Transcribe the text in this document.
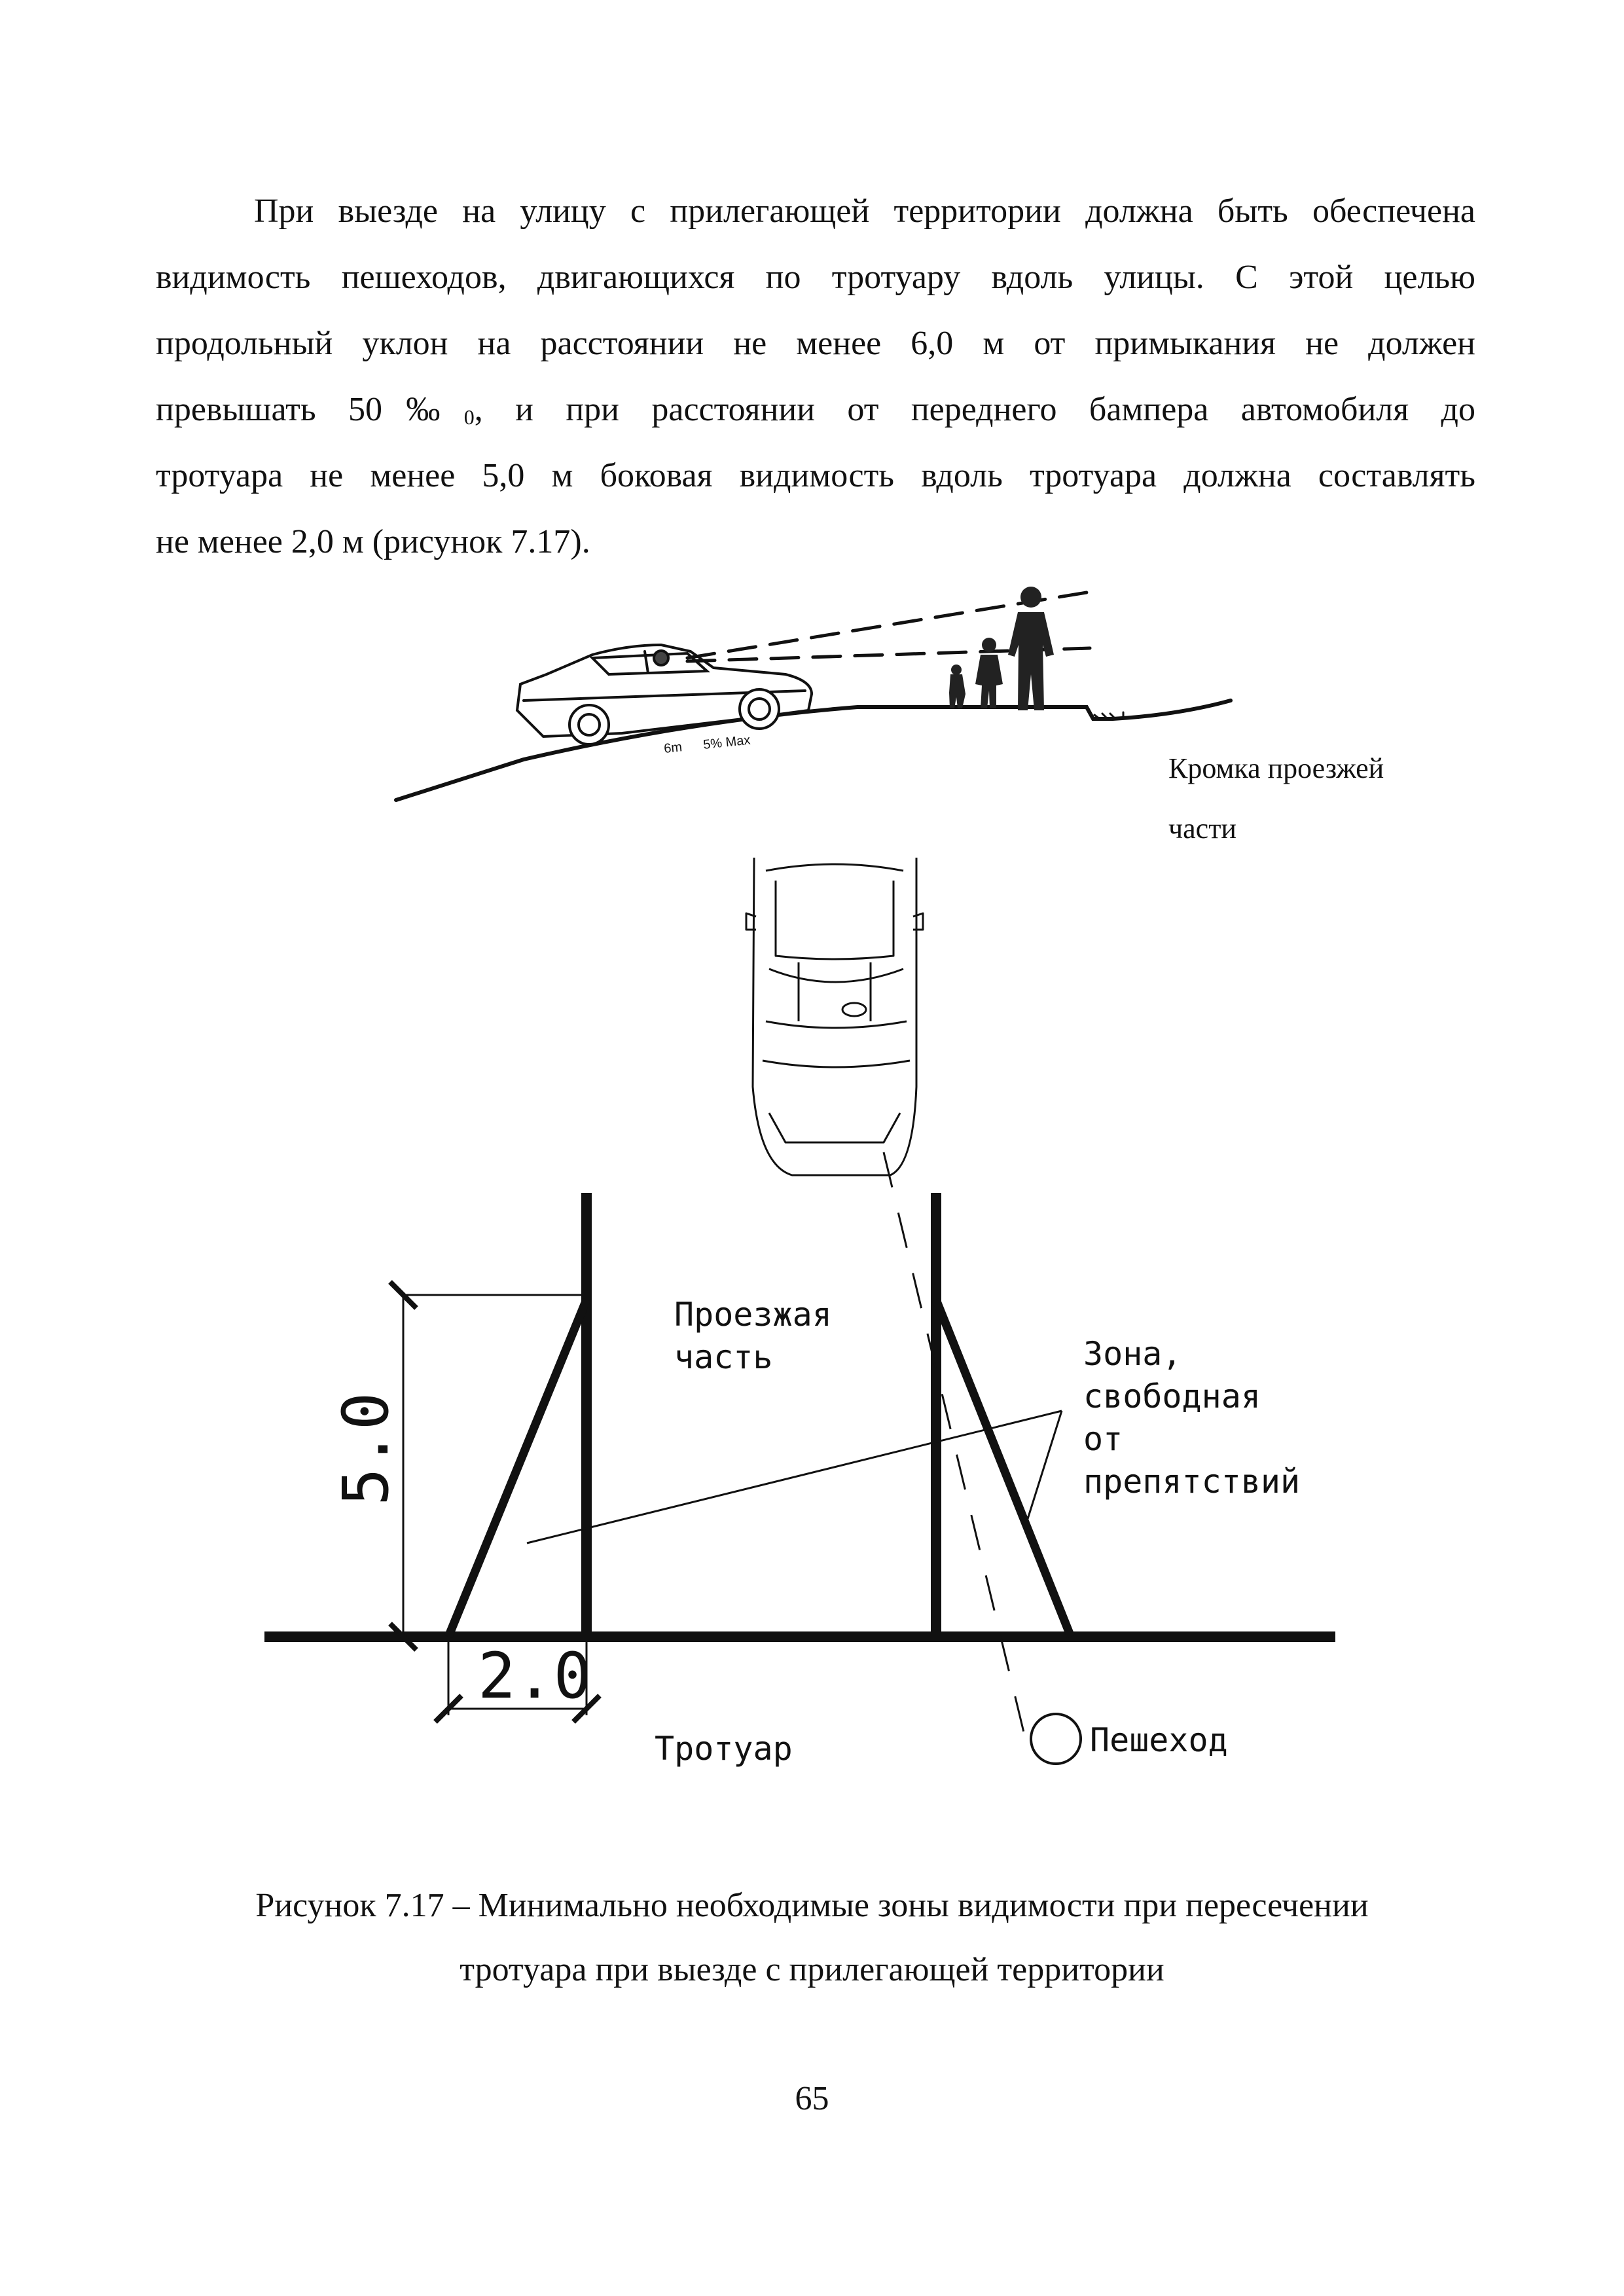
При выезде на улицу с прилегающей территории должна быть обеспечена
видимость пешеходов, двигающихся по тротуару вдоль улицы. С этой целью
продольный уклон на расстоянии не менее 6,0 м от примыкания не должен
превышать $50‰_0$, и при расстоянии от переднего бампера автомобиля до
тротуара не менее 5,0 м боковая видимость вдоль тротуара должна составлять
не менее 2,0 м (рисунок 7.17).
6m 5% Max
Проезжая
часть	Зона,
свободная
от
препятствий
5.0
2.0
Тротуар	Пешеход
Кромка проезжей
части
Рисунок 7.17 – Минимально необходимые зоны видимости при пересечении
тротуара при выезде с прилегающей территории
65
